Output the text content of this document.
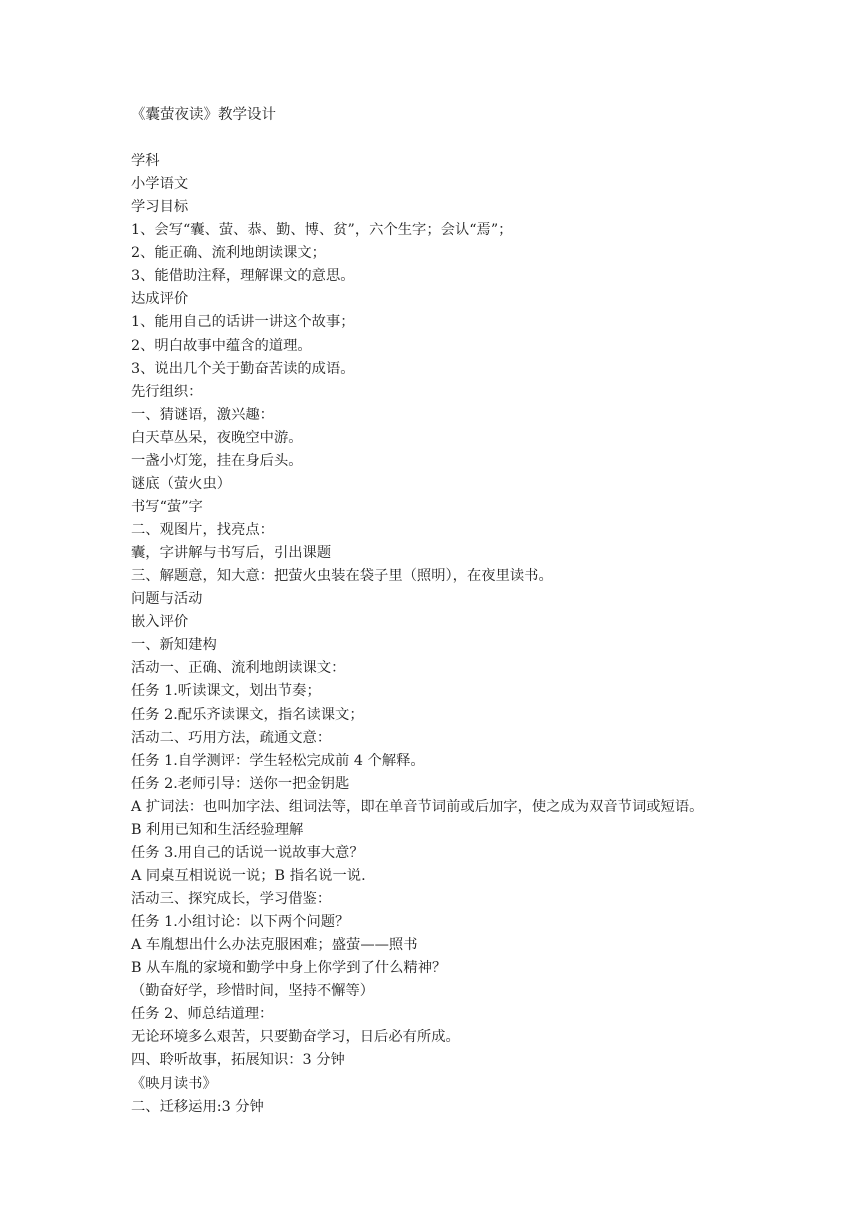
《囊萤夜读》教学设计
学科
小学语文
学习目标
1、会写“囊、萤、恭、勤、博、贫”，六个生字；会认“焉”；
2、能正确、流利地朗读课文；
3、能借助注释，理解课文的意思。
达成评价
1、能用自己的话讲一讲这个故事；
2、明白故事中蕴含的道理。
3、说出几个关于勤奋苦读的成语。
先行组织：
一、猜谜语，激兴趣：
白天草丛呆，夜晚空中游。
一盏小灯笼，挂在身后头。
谜底（萤火虫）
书写“萤”字
二、观图片，找亮点：
囊，字讲解与书写后，引出课题
三、解题意，知大意：把萤火虫装在袋子里（照明），在夜里读书。
问题与活动
嵌入评价
一、新知建构
活动一、正确、流利地朗读课文：
任务 1.听读课文，划出节奏；
任务 2.配乐齐读课文，指名读课文；
活动二、巧用方法，疏通文意：
任务 1.自学测评：学生轻松完成前 4 个解释。
任务 2.老师引导：送你一把金钥匙
A 扩词法：也叫加字法、组词法等，即在单音节词前或后加字，使之成为双音节词或短语。
B 利用已知和生活经验理解
任务 3.用自己的话说一说故事大意？
A 同桌互相说说一说；B 指名说一说.
活动三、探究成长，学习借鉴：
任务 1.小组讨论：以下两个问题？
A 车胤想出什么办法克服困难；盛萤——照书
B 从车胤的家境和勤学中身上你学到了什么精神？
（勤奋好学，珍惜时间，坚持不懈等）
任务 2、师总结道理：
无论环境多么艰苦，只要勤奋学习，日后必有所成。
四、聆听故事，拓展知识：3 分钟
《映月读书》
二、迁移运用:3 分钟
